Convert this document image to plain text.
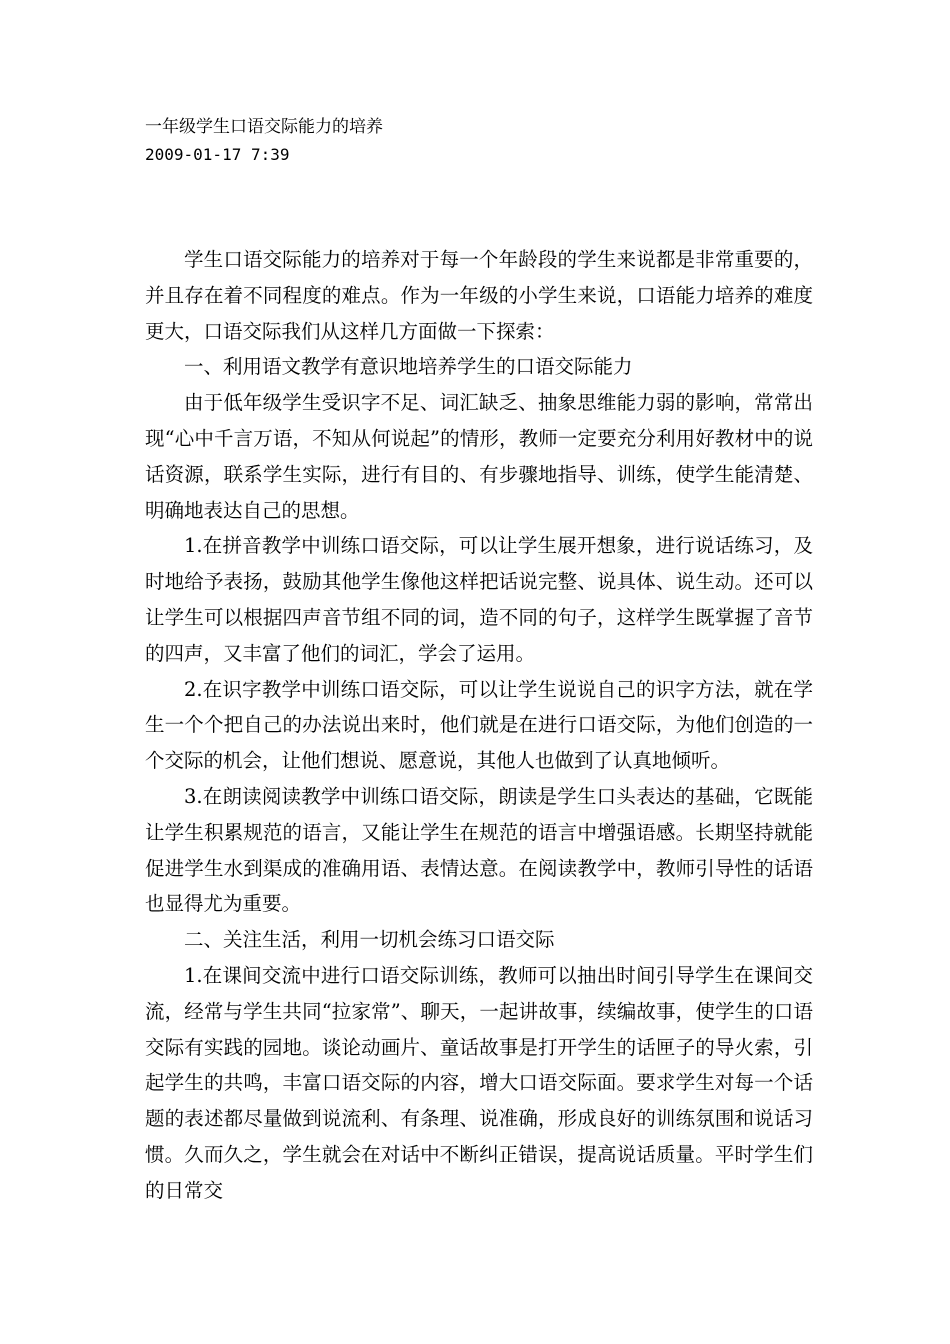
一年级学生口语交际能力的培养
2009-01-17 7:39

学生口语交际能力的培养对于每一个年龄段的学生来说都是非常重要的，并且存在着不同程度的难点。作为一年级的小学生来说，口语能力培养的难度更大，口语交际我们从这样几方面做一下探索：

一、利用语文教学有意识地培养学生的口语交际能力

由于低年级学生受识字不足、词汇缺乏、抽象思维能力弱的影响，常常出现“心中千言万语，不知从何说起”的情形，教师一定要充分利用好教材中的说话资源，联系学生实际，进行有目的、有步骤地指导、训练，使学生能清楚、明确地表达自己的思想。

1.在拼音教学中训练口语交际，可以让学生展开想象，进行说话练习，及时地给予表扬，鼓励其他学生像他这样把话说完整、说具体、说生动。还可以让学生可以根据四声音节组不同的词，造不同的句子，这样学生既掌握了音节的四声，又丰富了他们的词汇，学会了运用。

2.在识字教学中训练口语交际，可以让学生说说自己的识字方法，就在学生一个个把自己的办法说出来时，他们就是在进行口语交际，为他们创造的一个交际的机会，让他们想说、愿意说，其他人也做到了认真地倾听。

3.在朗读阅读教学中训练口语交际，朗读是学生口头表达的基础，它既能让学生积累规范的语言，又能让学生在规范的语言中增强语感。长期坚持就能促进学生水到渠成的准确用语、表情达意。在阅读教学中，教师引导性的话语也显得尤为重要。

二、关注生活，利用一切机会练习口语交际

1.在课间交流中进行口语交际训练，教师可以抽出时间引导学生在课间交流，经常与学生共同“拉家常”、聊天，一起讲故事，续编故事，使学生的口语交际有实践的园地。谈论动画片、童话故事是打开学生的话匣子的导火索，引起学生的共鸣，丰富口语交际的内容，增大口语交际面。要求学生对每一个话题的表述都尽量做到说流利、有条理、说准确，形成良好的训练氛围和说话习惯。久而久之，学生就会在对话中不断纠正错误，提高说话质量。平时学生们的日常交
